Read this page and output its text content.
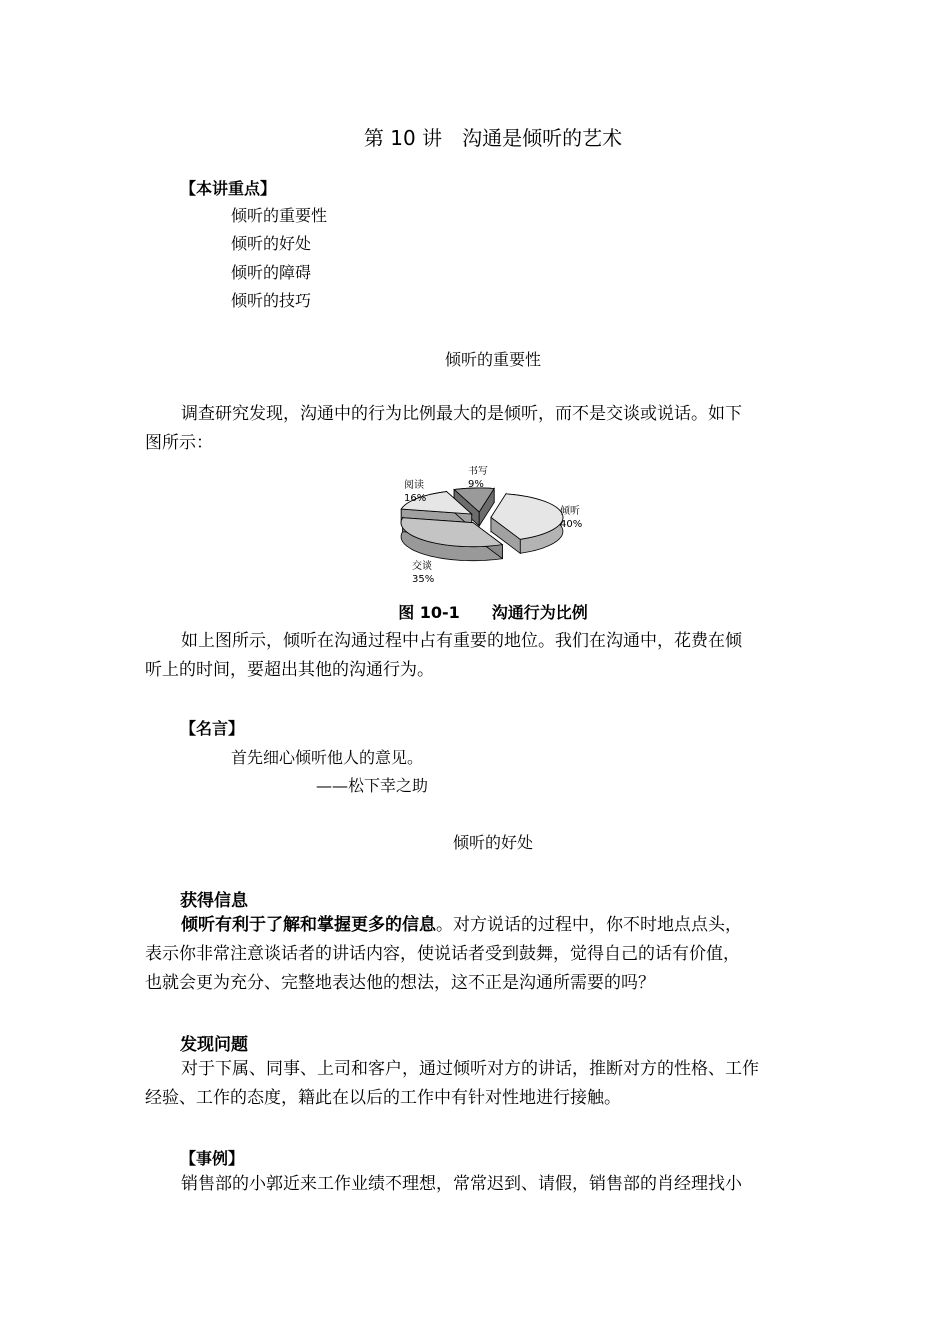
第 10 讲　沟通是倾听的艺术
【本讲重点】
倾听的重要性
倾听的好处
倾听的障碍
倾听的技巧
倾听的重要性

调查研究发现，沟通中的行为比例最大的是倾听，而不是交谈或说话。如下

图所示：

倾听
40%
交谈
35%
阅读
16%
书写
9%
图 10-1　　沟通行为比例

如上图所示，倾听在沟通过程中占有重要的地位。我们在沟通中，花费在倾

听上的时间，要超出其他的沟通行为。

【名言】
首先细心倾听他人的意见。
——松下幸之助
倾听的好处
获得信息

倾听有利于了解和掌握更多的信息。对方说话的过程中，你不时地点点头，

表示你非常注意谈话者的讲话内容，使说话者受到鼓舞，觉得自己的话有价值，

也就会更为充分、完整地表达他的想法，这不正是沟通所需要的吗？

发现问题

对于下属、同事、上司和客户，通过倾听对方的讲话，推断对方的性格、工作

经验、工作的态度，籍此在以后的工作中有针对性地进行接触。

【事例】

销售部的小郭近来工作业绩不理想，常常迟到、请假，销售部的肖经理找小
